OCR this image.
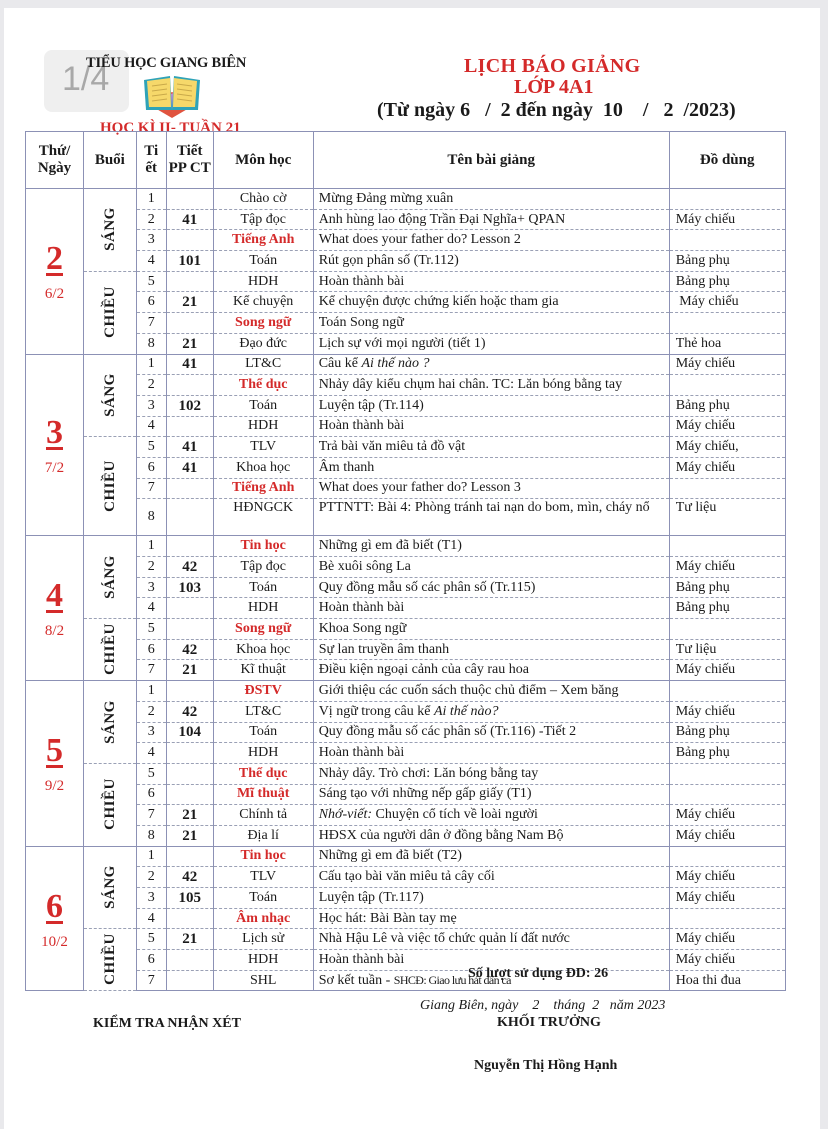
1/4
TIỂU HỌC GIANG BIÊN
HỌC KÌ II- TUẦN 21
LỊCH BÁO GIẢNG
LỚP 4A1
(Từ ngày 6   /  2 đến ngày  10    /   2  /2023)
Thứ/ Ngày	Buổi	Ti ết	Tiết PP CT	Môn học	Tên bài giảng	Đồ dùng

2
6/2	SÁNG	1		Chào cờ	Mừng Đảng mừng xuân	
		2	41	Tập đọc	Anh hùng lao động Trần Đại Nghĩa+ QPAN	Máy chiếu
		3		Tiếng Anh	What does your father do? Lesson 2	
		4	101	Toán	Rút gọn phân số (Tr.112)	Bảng phụ
	CHIỀU	5		HDH	Hoàn thành bài	Bảng phụ
		6	21	Kể chuyện	Kể chuyện được chứng kiến hoặc tham gia	Máy chiếu
		7		Song ngữ	Toán Song ngữ	
		8	21	Đạo đức	Lịch sự với mọi người (tiết 1)	Thẻ hoa

3
7/2	SÁNG	1	41	LT&C	Câu kể Ai thế nào ?	Máy chiếu
		2		Thể dục	Nhảy dây kiểu chụm hai chân. TC: Lăn bóng bằng tay	
		3	102	Toán	Luyện tập (Tr.114)	Bảng phụ
		4		HDH	Hoàn thành bài	Máy chiếu
	CHIỀU	5	41	TLV	Trả bài văn miêu tả đồ vật	Máy chiếu,
		6	41	Khoa học	Âm thanh	Máy chiếu
		7		Tiếng Anh	What does your father do? Lesson 3	
		8		HĐNGCK	PTTNTT: Bài 4: Phòng tránh tai nạn do bom, mìn, cháy nổ	Tư liệu

4
8/2	SÁNG	1		Tin học	Những gì em đã biết (T1)	
		2	42	Tập đọc	Bè xuôi sông La	Máy chiếu
		3	103	Toán	Quy đồng mẫu số các phân số (Tr.115)	Bảng phụ
		4		HDH	Hoàn thành bài	Bảng phụ
	CHIỀU	5		Song ngữ	Khoa Song ngữ	
		6	42	Khoa học	Sự lan truyền âm thanh	Tư liệu
		7	21	Kĩ thuật	Điều kiện ngoại cảnh của cây rau hoa	Máy chiếu

5
9/2	SÁNG	1		ĐSTV	Giới thiệu các cuốn sách thuộc chủ điểm – Xem băng	
		2	42	LT&C	Vị ngữ trong câu kể Ai thế nào?	Máy chiếu
		3	104	Toán	Quy đồng mẫu số các phân số (Tr.116) -Tiết 2	Bảng phụ
		4		HDH	Hoàn thành bài	Bảng phụ
	CHIỀU	5		Thể dục	Nhảy dây. Trò chơi: Lăn bóng bằng tay	
		6		Mĩ thuật	Sáng tạo với những nếp gấp giấy (T1)	
		7	21	Chính tả	Nhớ-viết: Chuyện cổ tích về loài người	Máy chiếu
		8	21	Địa lí	HĐSX của người dân ở đồng bằng Nam Bộ	Máy chiếu

6
10/2	SÁNG	1		Tin học	Những gì em đã biết (T2)	
		2	42	TLV	Cấu tạo bài văn miêu tả cây cối	Máy chiếu
		3	105	Toán	Luyện tập (Tr.117)	Máy chiếu
		4		Âm nhạc	Học hát: Bài Bàn tay mẹ	
	CHIỀU	5	21	Lịch sử	Nhà Hậu Lê và việc tổ chức quản lí đất nước	Máy chiếu
		6		HDH	Hoàn thành bài	Máy chiếu
		7		SHL	Sơ kết tuần - SHCĐ: Giao lưu hát dân ca	Hoa thi đua
Số lượt sử dụng ĐD: 26
Giang Biên, ngày    2    tháng  2   năm 2023
KIỂM TRA NHẬN XÉT	KHỐI TRƯỞNG
Nguyễn Thị Hồng Hạnh
